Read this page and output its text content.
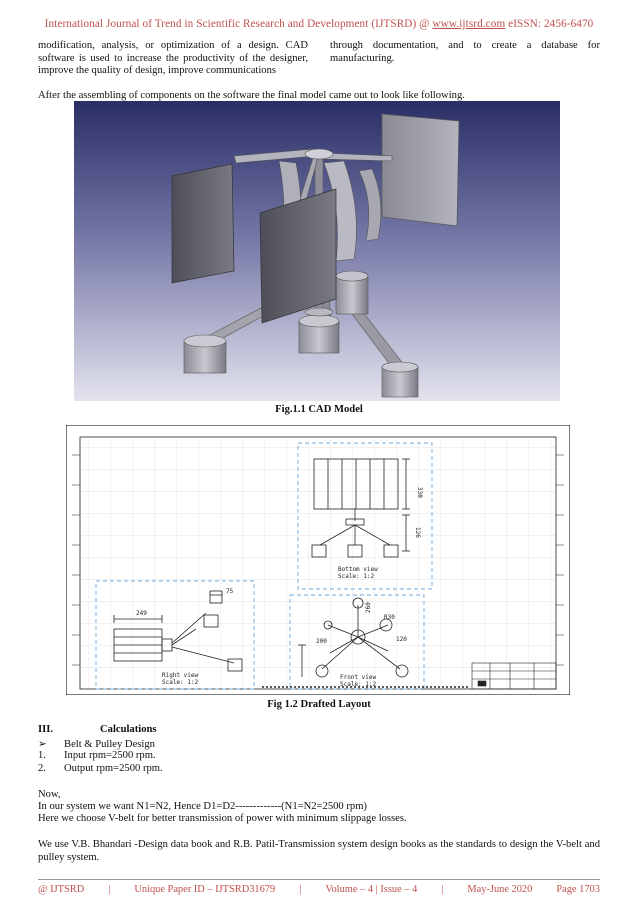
International Journal of Trend in Scientific Research and Development (IJTSRD) @ www.ijtsrd.com eISSN: 2456-6470
modification, analysis, or optimization of a design. CAD software is used to increase the productivity of the designer, improve the quality of design, improve communications
through documentation, and to create a database for manufacturing.
After the assembling of components on the software the final model came out to look like following.
Fig.1.1 CAD Model
330
126
Bottom view
Scale: 1:2
249
75
Right view
Scale: 1:2
R30
260
200	120
Front view
Scale: 1:2
Fig 1.2 Drafted Layout
III.	Calculations
➢ Belt & Pulley Design
1. Input rpm=2500 rpm.
2. Output rpm=2500 rpm.
Now,
In our system we want N1=N2, Hence D1=D2-------------(N1=N2=2500 rpm)
Here we choose V-belt for better transmission of power with minimum slippage losses.
We use V.B. Bhandari -Design data book and R.B. Patil-Transmission system design books as the standards to design the V-belt and pulley system.
@ IJTSRD | Unique Paper ID – IJTSRD31679 | Volume – 4 | Issue – 4 | May-June 2020 Page 1703
